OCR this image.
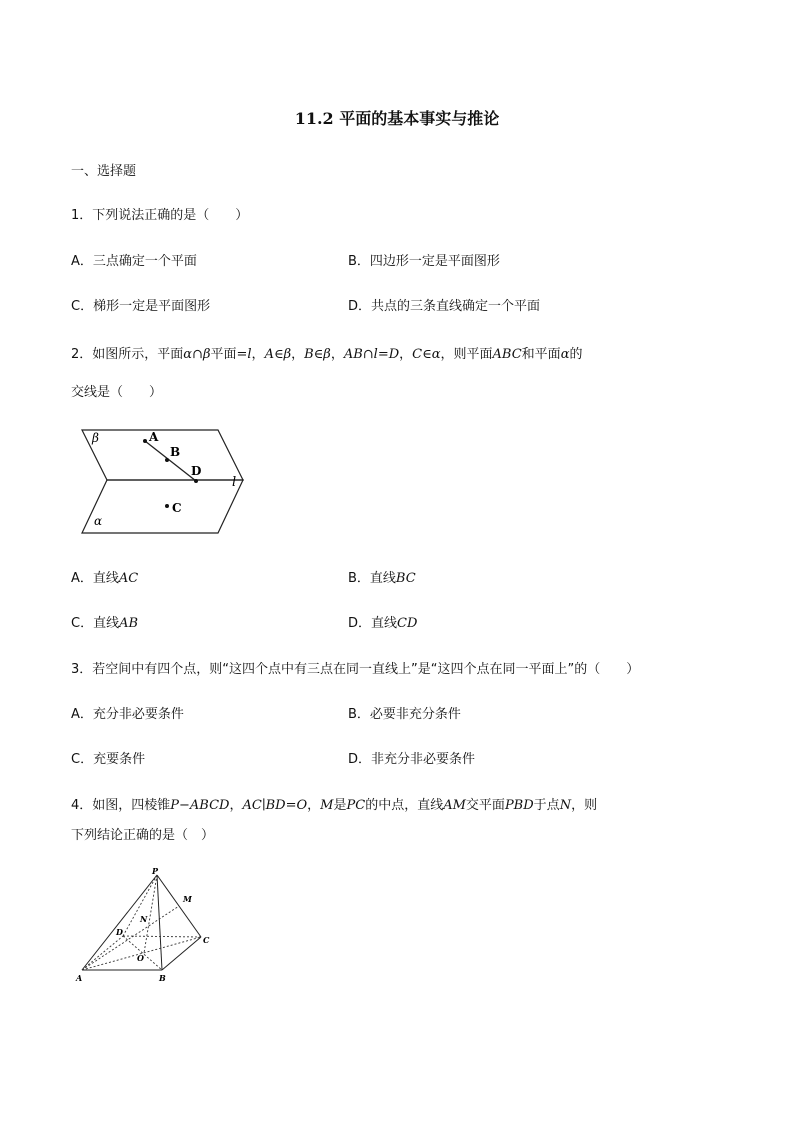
11.2 平面的基本事实与推论
一、选择题
1．下列说法正确的是（　　）
A．三点确定一个平面	B．四边形一定是平面图形
C．梯形一定是平面图形	D．共点的三条直线确定一个平面
2．如图所示，平面α∩β平面=l，A∈β，B∈β，AB∩l=D，C∈α，则平面ABC和平面α的
交线是（　　）
β
α
A
B
D
C
l
A．直线AC	B．直线BC
C．直线AB	D．直线CD
3．若空间中有四个点，则“这四个点中有三点在同一直线上”是“这四个点在同一平面上”的（　　）
A．充分非必要条件	B．必要非充分条件
C．充要条件	D．非充分非必要条件
4．如图，四棱锥P−ABCD，AC∣BD=O，M是PC的中点，直线AM交平面PBD于点N，则
下列结论正确的是（　）
P
M
N
D
C
O
A	B
